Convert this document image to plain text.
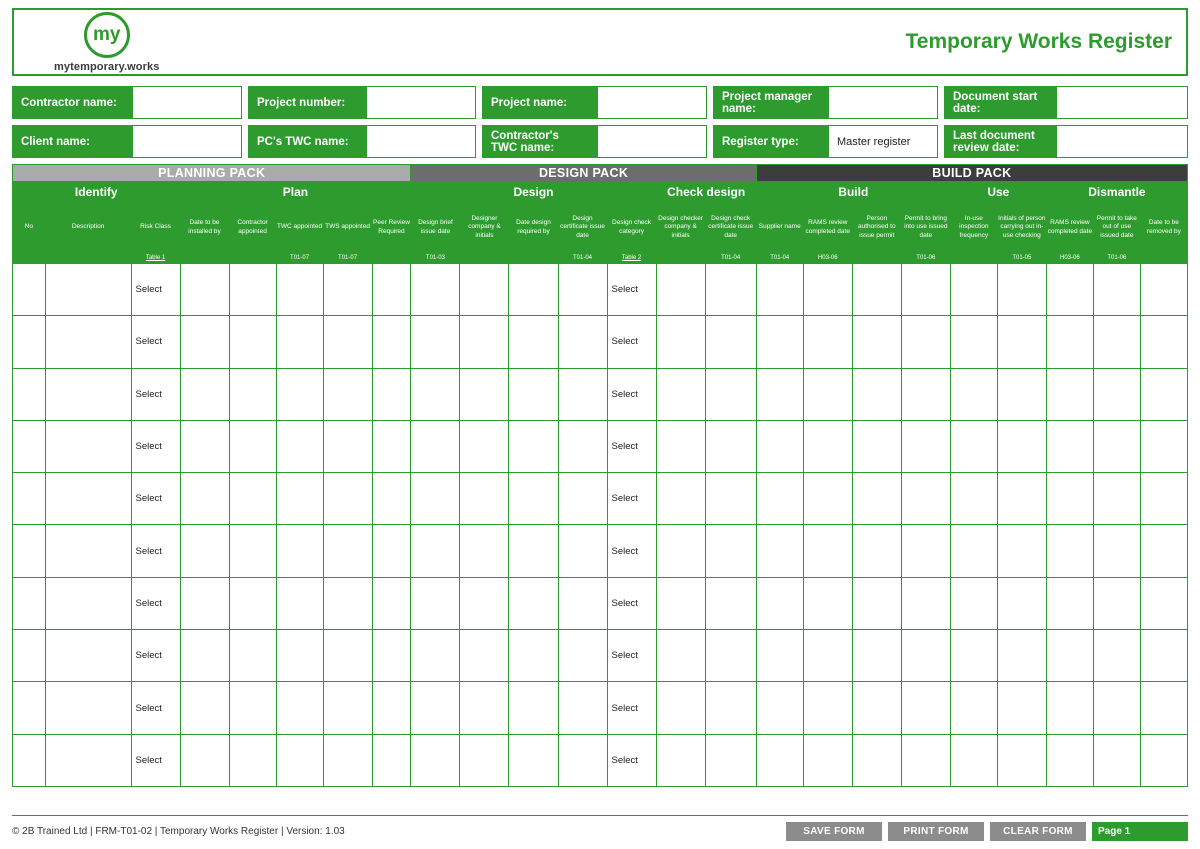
my
mytemporary.works
Temporary Works Register
Contractor name:	Project number:	Project name:	Project manager name:
Document start date:
Client name:	PC's TWC name:	Contractor's TWC name:	Register type:	Master register	Last document review date:
PLANNING PACK								DESIGN PACK							BUILD PACK								
Identify			Plan					Design					Check design		Build				Use		Dismantle		
No	Description	Risk Class	Date to be installed by	Contractor appointed	TWC appointed	TWS appointed	Peer Review Required	Design brief issue date	Designer company & initials	Date design required by	Design certificate issue date	Design check category	Design checker company & initials	Design check certificate issue date	Supplier name	RAMS review completed date	Person authorised to issue permit	Permit to bring into use issued date	In-use inspection frequency	Initials of person carrying out in-use checking	RAMS review completed date	Permit to take out of use issued date	Date to be removed by
		Table 1			T01-07	T01-07		T01-03			T01-04	Table 2		T01-04	T01-04	H03-06		T01-06		T01-05	H03-06	T01-06	

		Select										Select											

		Select										Select											

		Select										Select											

		Select										Select											

		Select										Select											

		Select										Select											

		Select										Select											

		Select										Select											

		Select										Select											

		Select										Select											

© 2B Trained Ltd | FRM-T01-02 | Temporary Works Register | Version: 1.03	SAVE FORM	PRINT FORM	CLEAR FORM	Page 1
